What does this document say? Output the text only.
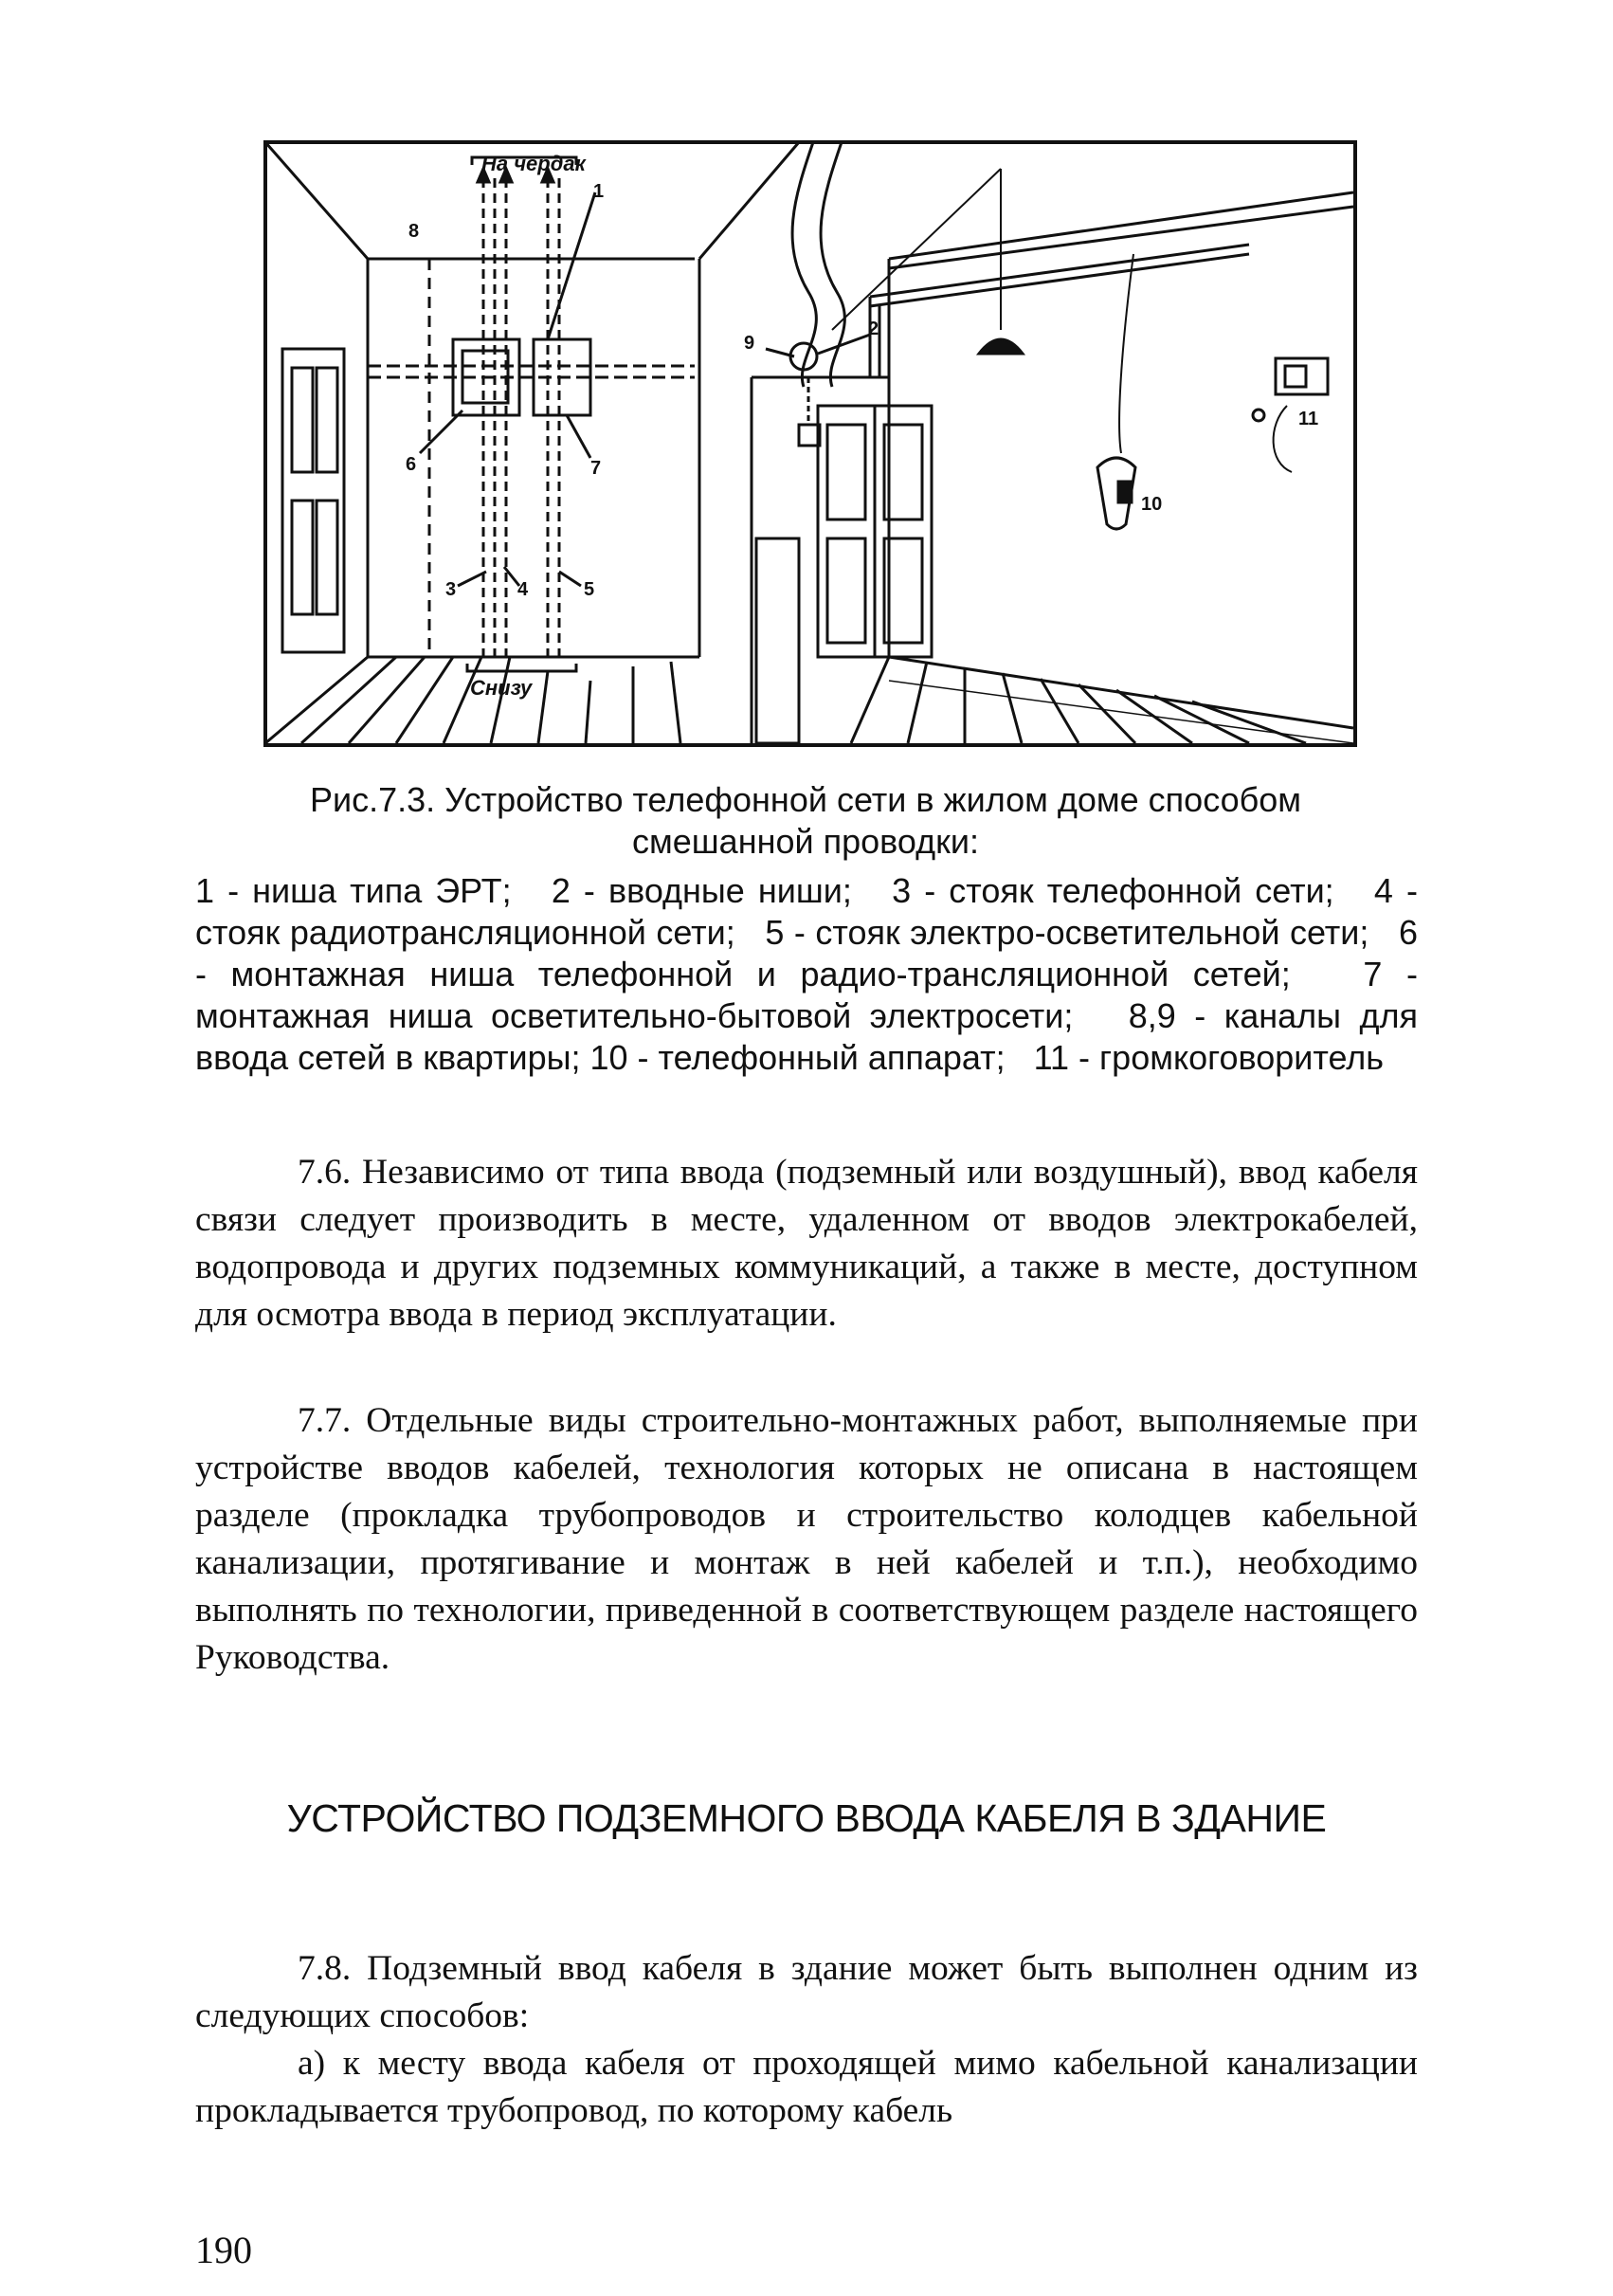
На чердак
Снизу
1
2
3	4	5
6	7
8
9
10
11

Рис.7.3. Устройство телефонной сети в жилом доме способом
смешанной проводки:

1 - ниша типа ЭРТ; 2 - вводные ниши; 3 - стояк телефонной сети; 4 - стояк радиотрансляционной сети; 5 - стояк электро-осветительной сети; 6 - монтажная ниша телефонной и радио-трансляционной сетей; 7 - монтажная ниша осветительно-бытовой электросети; 8,9 - каналы для ввода сетей в квартиры; 10 - телефонный аппарат; 11 - громкоговоритель

7.6. Независимо от типа ввода (подземный или воздушный), ввод кабеля связи следует производить в месте, удаленном от вводов электрокабелей, водопровода и других подземных коммуникаций, а также в месте, доступном для осмотра ввода в период эксплуатации.

7.7. Отдельные виды строительно-монтажных работ, выполняемые при устройстве вводов кабелей, технология которых не описана в настоящем разделе (прокладка трубопроводов и строительство колодцев кабельной канализации, протягивание и монтаж в ней кабелей и т.п.), необходимо выполнять по технологии, приведенной в соответствующем разделе настоящего Руководства.

УСТРОЙСТВО ПОДЗЕМНОГО ВВОДА КАБЕЛЯ В ЗДАНИЕ

7.8. Подземный ввод кабеля в здание может быть выполнен одним из следующих способов:

а) к месту ввода кабеля от проходящей мимо кабельной канализации прокладывается трубопровод, по которому кабель

190
